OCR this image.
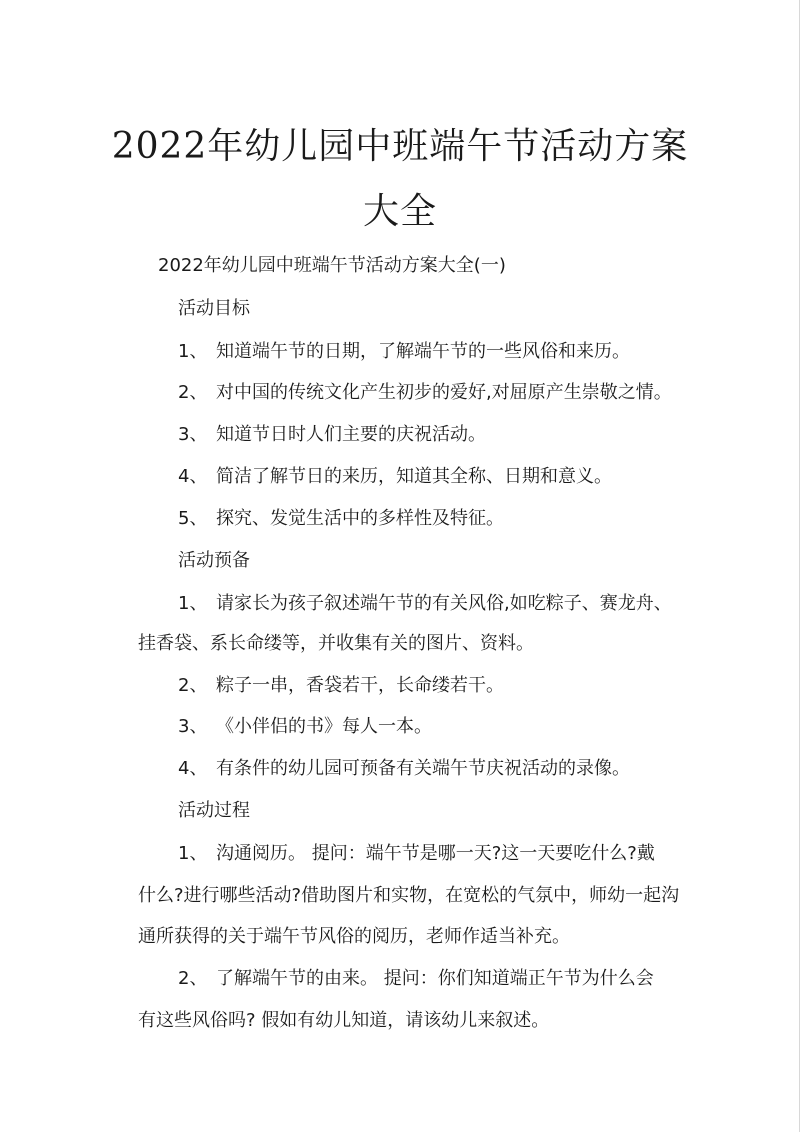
2022年幼儿园中班端午节活动方案
大全
2022年幼儿园中班端午节活动方案大全(一)
活动目标
1、 知道端午节的日期，了解端午节的一些风俗和来历。
2、 对中国的传统文化产生初步的爱好,对屈原产生崇敬之情。
3、 知道节日时人们主要的庆祝活动。
4、 简洁了解节日的来历，知道其全称、日期和意义。
5、 探究、发觉生活中的多样性及特征。
活动预备
1、 请家长为孩子叙述端午节的有关风俗,如吃粽子、赛龙舟、
挂香袋、系长命缕等，并收集有关的图片、资料。
2、 粽子一串，香袋若干，长命缕若干。
3、 《小伴侣的书》每人一本。
4、 有条件的幼儿园可预备有关端午节庆祝活动的录像。
活动过程
1、 沟通阅历。 提问：端午节是哪一天?这一天要吃什么?戴
什么?进行哪些活动?借助图片和实物，在宽松的气氛中，师幼一起沟
通所获得的关于端午节风俗的阅历，老师作适当补充。
2、 了解端午节的由来。 提问：你们知道端正午节为什么会
有这些风俗吗? 假如有幼儿知道，请该幼儿来叙述。
